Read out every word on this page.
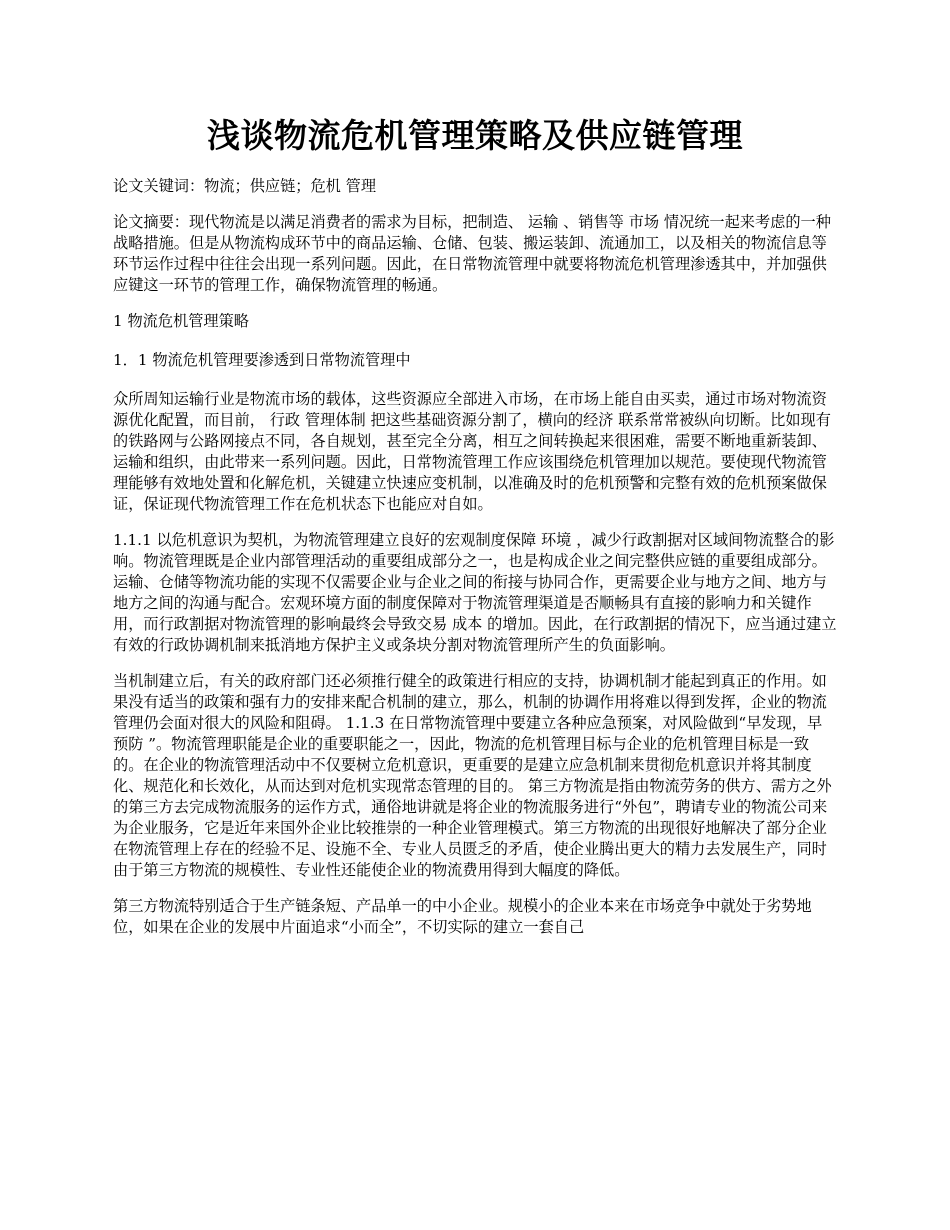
浅谈物流危机管理策略及供应链管理

论文关键词：物流；供应链；危机 管理

论文摘要：现代物流是以满足消费者的需求为目标，把制造、 运输 、销售等 市场 情况统一起来考虑的一种战略措施。但是从物流构成环节中的商品运输、仓储、包装、搬运装卸、流通加工，以及相关的物流信息等环节运作过程中往往会出现一系列问题。因此，在日常物流管理中就要将物流危机管理渗透其中，并加强供应键这一环节的管理工作，确保物流管理的畅通。

1 物流危机管理策略

1．1 物流危机管理要渗透到日常物流管理中

众所周知运输行业是物流市场的载体，这些资源应全部进入市场，在市场上能自由买卖，通过市场对物流资源优化配置，而目前， 行政 管理体制 把这些基础资源分割了，横向的经济 联系常常被纵向切断。比如现有的铁路网与公路网接点不同，各自规划，甚至完全分离，相互之间转换起来很困难，需要不断地重新装卸、运输和组织，由此带来一系列问题。因此，日常物流管理工作应该围绕危机管理加以规范。要使现代物流管理能够有效地处置和化解危机，关键建立快速应变机制，以准确及时的危机预警和完整有效的危机预案做保证，保证现代物流管理工作在危机状态下也能应对自如。

1.1.1 以危机意识为契机，为物流管理建立良好的宏观制度保障 环境 ，减少行政割据对区域间物流整合的影响。物流管理既是企业内部管理活动的重要组成部分之一，也是构成企业之间完整供应链的重要组成部分。运输、仓储等物流功能的实现不仅需要企业与企业之间的衔接与协同合作，更需要企业与地方之间、地方与地方之间的沟通与配合。宏观环境方面的制度保障对于物流管理渠道是否顺畅具有直接的影响力和关键作用，而行政割据对物流管理的影响最终会导致交易 成本 的增加。因此，在行政割据的情况下，应当通过建立有效的行政协调机制来抵消地方保护主义或条块分割对物流管理所产生的负面影响。

当机制建立后，有关的政府部门还必须推行健全的政策进行相应的支持，协调机制才能起到真正的作用。如果没有适当的政策和强有力的安排来配合机制的建立，那么，机制的协调作用将难以得到发挥，企业的物流管理仍会面对很大的风险和阻碍。 1.1.3 在日常物流管理中要建立各种应急预案，对风险做到“早发现，早 预防 ”。物流管理职能是企业的重要职能之一，因此，物流的危机管理目标与企业的危机管理目标是一致的。在企业的物流管理活动中不仅要树立危机意识，更重要的是建立应急机制来贯彻危机意识并将其制度化、规范化和长效化，从而达到对危机实现常态管理的目的。 第三方物流是指由物流劳务的供方、需方之外的第三方去完成物流服务的运作方式，通俗地讲就是将企业的物流服务进行“外包”，聘请专业的物流公司来为企业服务，它是近年来国外企业比较推崇的一种企业管理模式。第三方物流的出现很好地解决了部分企业在物流管理上存在的经验不足、设施不全、专业人员匮乏的矛盾，使企业腾出更大的精力去发展生产，同时由于第三方物流的规模性、专业性还能使企业的物流费用得到大幅度的降低。

第三方物流特别适合于生产链条短、产品单一的中小企业。规模小的企业本来在市场竞争中就处于劣势地位，如果在企业的发展中片面追求“小而全”，不切实际的建立一套自己
